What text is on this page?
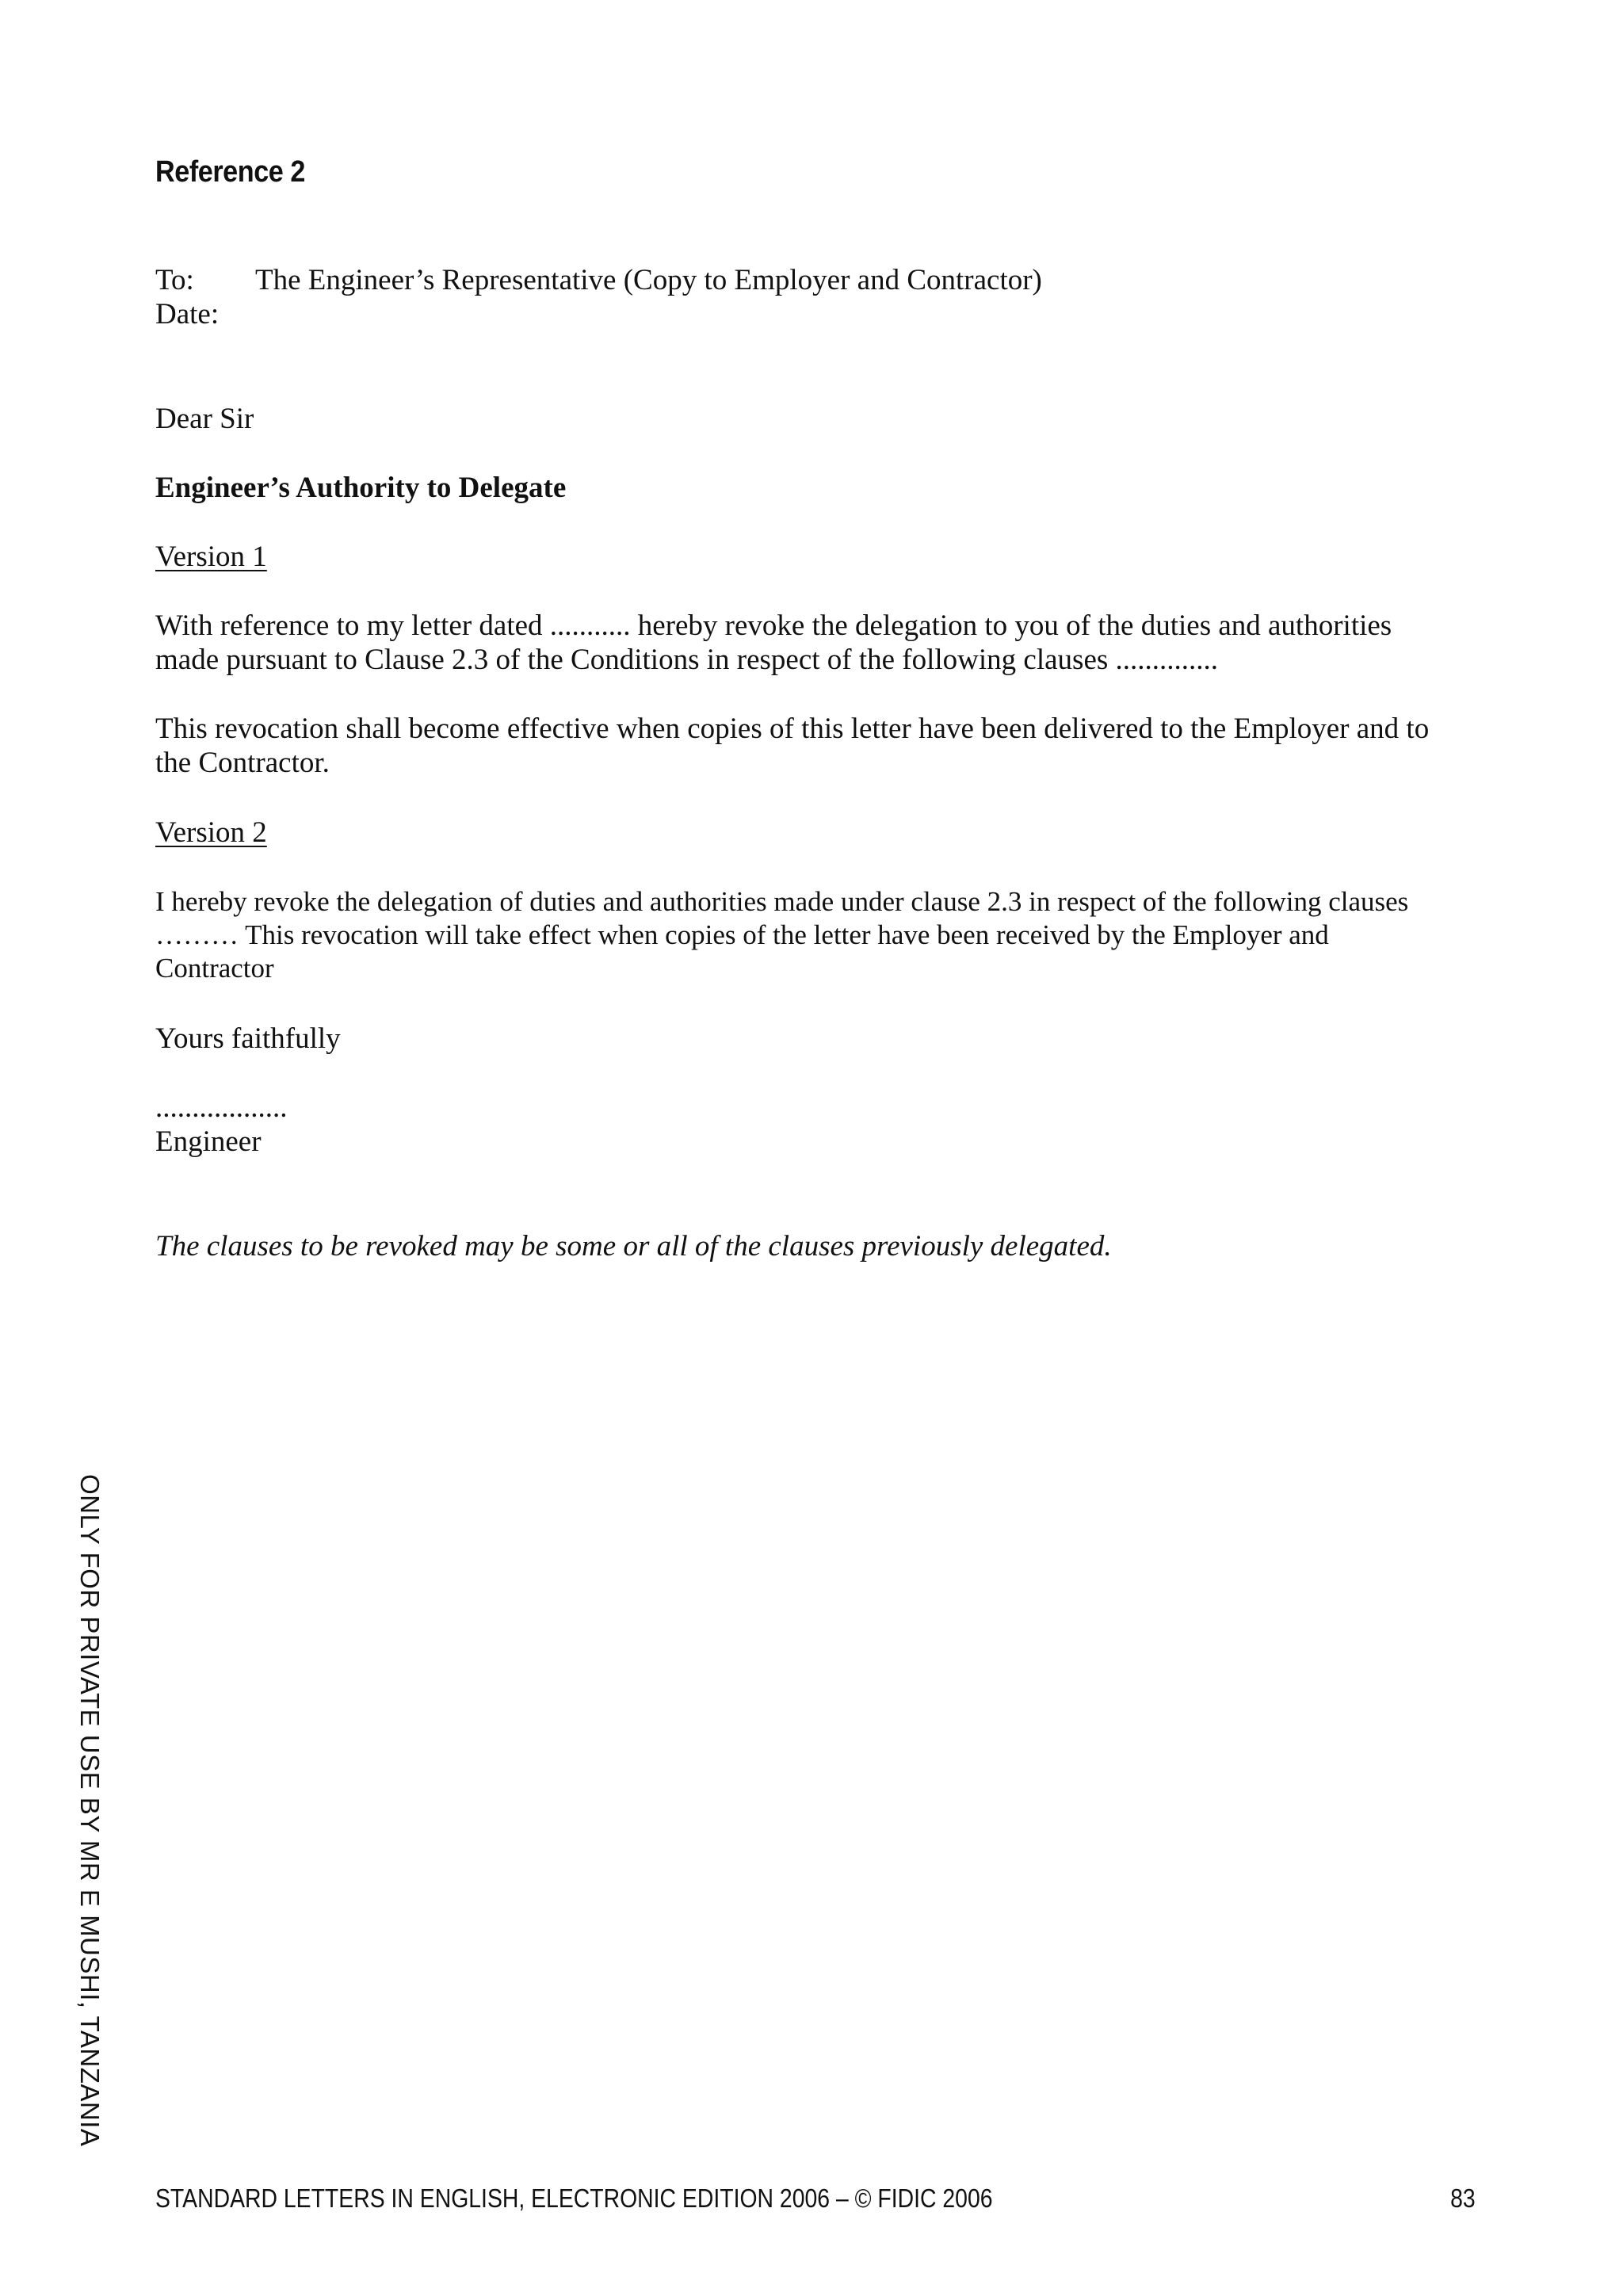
Reference 2
To:	The Engineer’s Representative (Copy to Employer and Contractor)
Date:
Dear Sir
Engineer’s Authority to Delegate
Version 1
With reference to my letter dated ........... hereby revoke the delegation to you of the duties and authorities
made pursuant to Clause 2.3 of the Conditions in respect of the following clauses ..............
This revocation shall become effective when copies of this letter have been delivered to the Employer and to
the Contractor.
Version 2
I hereby revoke the delegation of duties and authorities made under clause 2.3 in respect of the following clauses
……… This revocation will take effect when copies of the letter have been received by the Employer and
Contractor
Yours faithfully
..................
Engineer
The clauses to be revoked may be some or all of the clauses previously delegated.
ONLY FOR PRIVATE USE BY MR E MUSHI, TANZANIA
STANDARD LETTERS IN ENGLISH, ELECTRONIC EDITION 2006 – © FIDIC 2006	83
